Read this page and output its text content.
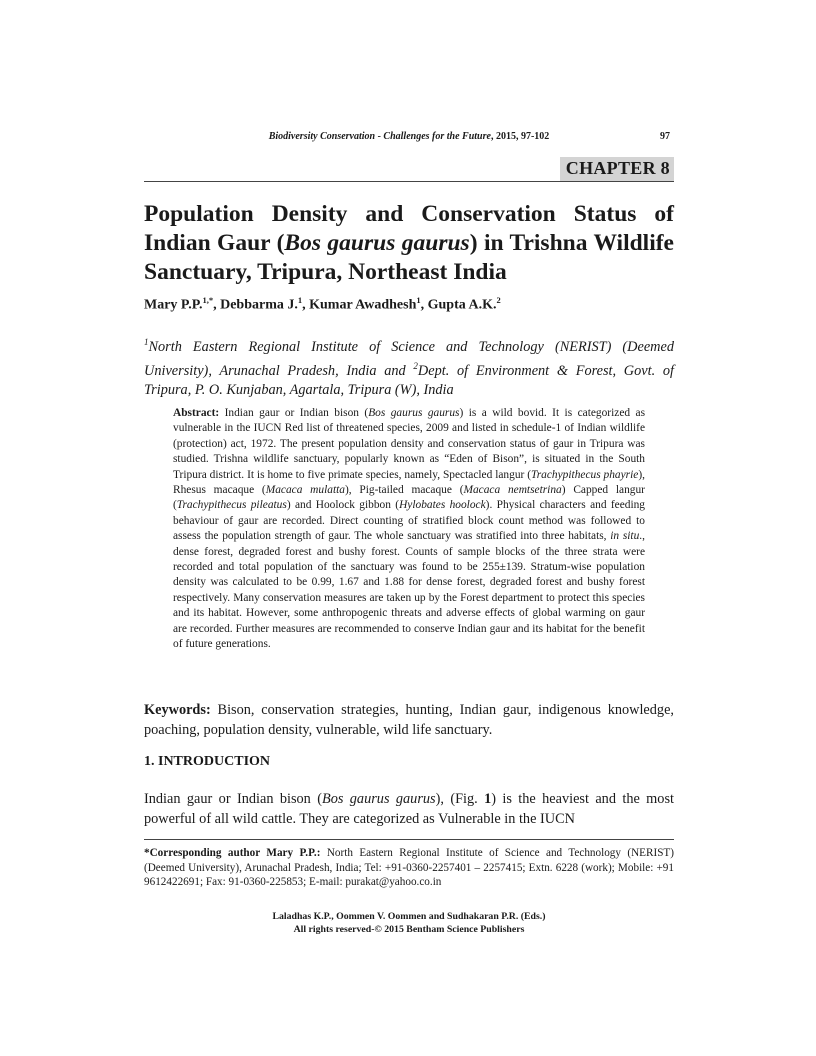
Biodiversity Conservation - Challenges for the Future, 2015, 97-102	97
CHAPTER 8
Population Density and Conservation Status of Indian Gaur (Bos gaurus gaurus) in Trishna Wildlife Sanctuary, Tripura, Northeast India
Mary P.P.$^{1,*}$, Debbarma J.$^1$, Kumar Awadhesh$^1$, Gupta A.K.$^2$

$^1$North Eastern Regional Institute of Science and Technology (NERIST) (Deemed University), Arunachal Pradesh, India and $^2$Dept. of Environment & Forest, Govt. of Tripura, P. O. Kunjaban, Agartala, Tripura (W), India

Abstract: Indian gaur or Indian bison (Bos gaurus gaurus) is a wild bovid. It is categorized as vulnerable in the IUCN Red list of threatened species, 2009 and listed in schedule-1 of Indian wildlife (protection) act, 1972. The present population density and conservation status of gaur in Tripura was studied. Trishna wildlife sanctuary, popularly known as “Eden of Bison”, is situated in the South Tripura district. It is home to five primate species, namely, Spectacled langur (Trachypithecus phayrie), Rhesus macaque (Macaca mulatta), Pig-tailed macaque (Macaca nemtsetrina) Capped langur (Trachypithecus pileatus) and Hoolock gibbon (Hylobates hoolock). Physical characters and feeding behaviour of gaur are recorded. Direct counting of stratified block count method was followed to assess the population strength of gaur. The whole sanctuary was stratified into three habitats, in situ., dense forest, degraded forest and bushy forest. Counts of sample blocks of the three strata were recorded and total population of the sanctuary was found to be 255±139. Stratum-wise population density was calculated to be 0.99, 1.67 and 1.88 for dense forest, degraded forest and bushy forest respectively. Many conservation measures are taken up by the Forest department to protect this species and its habitat. However, some anthropogenic threats and adverse effects of global warming on gaur are recorded. Further measures are recommended to conserve Indian gaur and its habitat for the benefit of future generations.

Keywords: Bison, conservation strategies, hunting, Indian gaur, indigenous knowledge, poaching, population density, vulnerable, wild life sanctuary.

1. INTRODUCTION

Indian gaur or Indian bison (Bos gaurus gaurus), (Fig. 1) is the heaviest and the most powerful of all wild cattle. They are categorized as Vulnerable in the IUCN

*Corresponding author Mary P.P.: North Eastern Regional Institute of Science and Technology (NERIST) (Deemed University), Arunachal Pradesh, India; Tel: +91-0360-2257401 – 2257415; Extn. 6228 (work); Mobile: +91 9612422691; Fax: 91-0360-225853; E-mail: purakat@yahoo.co.in

Laladhas K.P., Oommen V. Oommen and Sudhakaran P.R. (Eds.)
All rights reserved-© 2015 Bentham Science Publishers
